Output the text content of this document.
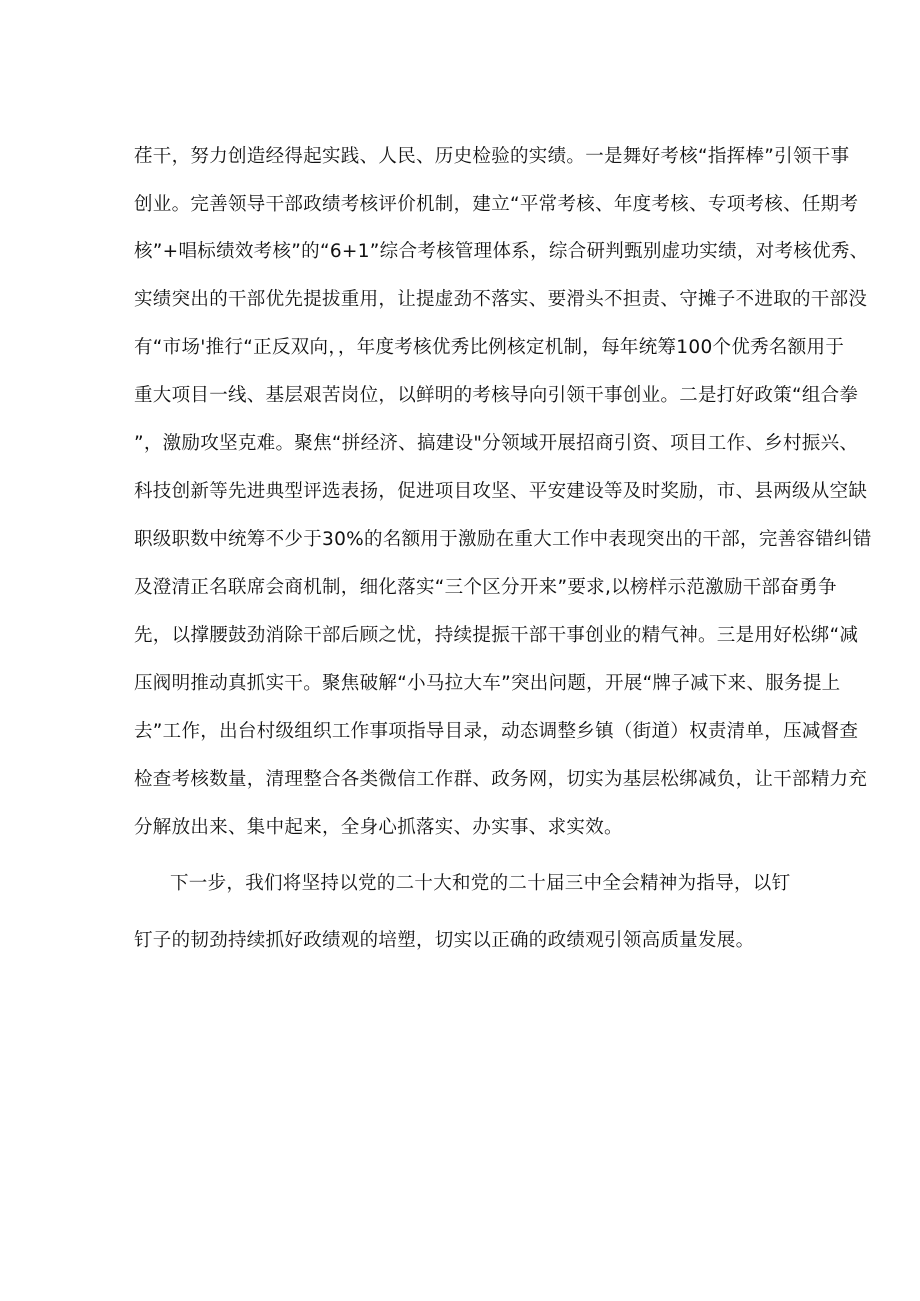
荏干，努力创造经得起实践、人民、历史检验的实绩。一是舞好考核“指挥棒”引领干事
创业。完善领导干部政绩考核评价机制，建立“平常考核、年度考核、专项考核、任期考
核”+唱标绩效考核”的“6+1”综合考核管理体系，综合研判甄别虚功实绩，对考核优秀、
实绩突出的干部优先提拔重用，让提虚劲不落实、要滑头不担责、守摊子不进取的干部没
有“市场'推行“正反双向，，年度考核优秀比例核定机制，每年统筹100个优秀名额用于
重大项目一线、基层艰苦岗位，以鲜明的考核导向引领干事创业。二是打好政策“组合拳
”，激励攻坚克难。聚焦“拼经济、搞建设"分领域开展招商引资、项目工作、乡村振兴、
科技创新等先进典型评选表扬，促进项目攻坚、平安建设等及时奖励，市、县两级从空缺
职级职数中统筹不少于30%的名额用于激励在重大工作中表现突出的干部，完善容错纠错
及澄清正名联席会商机制，细化落实“三个区分开来”要求,以榜样示范激励干部奋勇争
先，以撑腰鼓劲消除干部后顾之忧，持续提振干部干事创业的精气神。三是用好松绑“减
压阀明推动真抓实干。聚焦破解“小马拉大车”突出问题，开展“牌子减下来、服务提上
去”工作，出台村级组织工作事项指导目录，动态调整乡镇（街道）权责清单，压减督查
检查考核数量，清理整合各类微信工作群、政务网，切实为基层松绑减负，让干部精力充
分解放出来、集中起来，全身心抓落实、办实事、求实效。
下一步，我们将坚持以党的二十大和党的二十届三中全会精神为指导，以钉
钉子的韧劲持续抓好政绩观的培塑，切实以正确的政绩观引领高质量发展。
